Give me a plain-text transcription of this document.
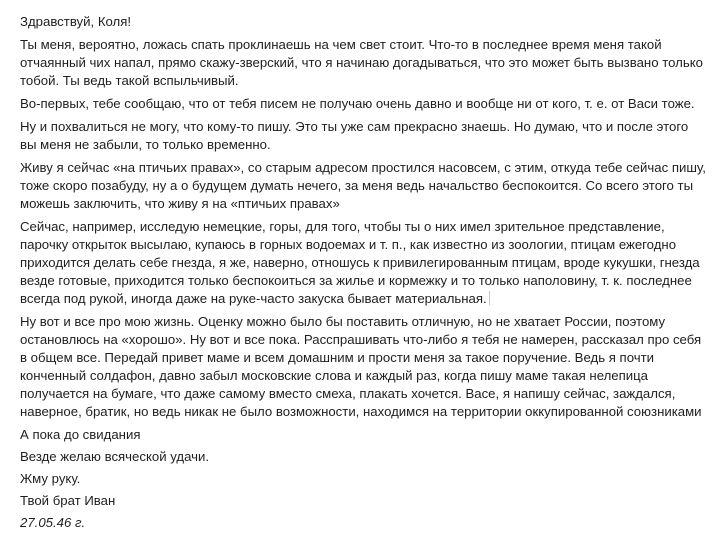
Здравствуй, Коля!

Ты меня, вероятно, ложась спать проклинаешь на чем свет стоит. Что-то в последнее время меня такой
отчаянный чих напал, прямо скажу-зверский, что я начинаю догадываться, что это может быть вызвано только
тобой. Ты ведь такой вспыльчивый.

Во-первых, тебе сообщаю, что от тебя писем не получаю очень давно и вообще ни от кого, т. е. от Васи тоже.

Ну и похвалиться не могу, что кому-то пишу. Это ты уже сам прекрасно знаешь. Но думаю, что и после этого
вы меня не забыли, то только временно.

Живу я сейчас «на птичьих правах», со старым адресом простился насовсем, с этим, откуда тебе сейчас пишу,
тоже скоро позабуду, ну а о будущем думать нечего, за меня ведь начальство беспокоится. Со всего этого ты
можешь заключить, что живу я на «птичьих правах»

Сейчас, например, исследую немецкие, горы, для того, чтобы ты о них имел зрительное представление,
парочку открыток высылаю, купаюсь в горных водоемах и т. п., как известно из зоологии, птицам ежегодно
приходится делать себе гнезда, я же, наверно, отношусь к привилегированным птицам, вроде кукушки, гнезда
везде готовые, приходится только беспокоиться за жилье и кормежку и то только наполовину, т. к. последнее
всегда под рукой, иногда даже на руке-часто закуска бывает материальная.

Ну вот и все про мою жизнь. Оценку можно было бы поставить отличную, но не хватает России, поэтому
остановлюсь на «хорошо». Ну вот и все пока. Расспрашивать что-либо я тебя не намерен, рассказал про себя
в общем все. Передай привет маме и всем домашним и прости меня за такое поручение. Ведь я почти
конченный солдафон, давно забыл московские слова и каждый раз, когда пишу маме такая нелепица
получается на бумаге, что даже самому вместо смеха, плакать хочется. Васе, я напишу сейчас, заждался,
наверное, братик, но ведь никак не было возможности, находимся на территории оккупированной союзниками

А пока до свидания

Везде желаю всяческой удачи.

Жму руку.

Твой брат Иван

27.05.46 г.
